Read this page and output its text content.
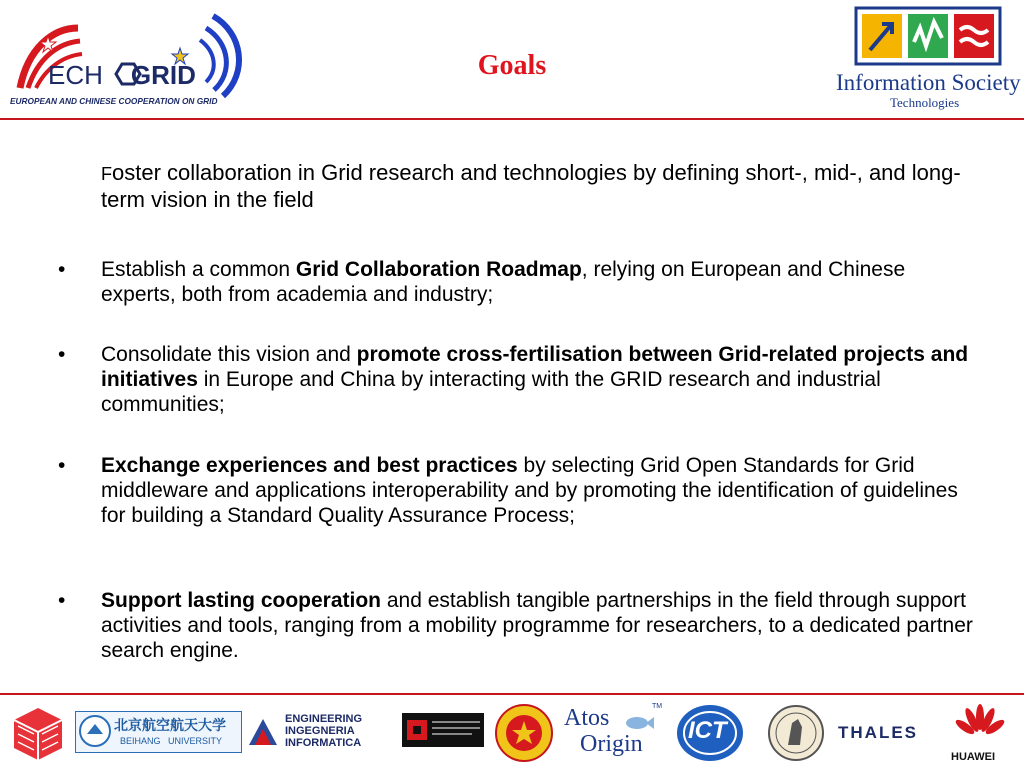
ECH GRID
EUROPEAN AND CHINESE COOPERATION ON GRID
Goals
Information Society
Technologies
Foster collaboration in Grid research and technologies by defining short-, mid-, and long-term vision in the field
• Establish a common Grid Collaboration Roadmap, relying on European and Chinese experts, both from academia and industry;
• Consolidate this vision and promote cross-fertilisation between Grid-related projects and initiatives in Europe and China by interacting with the GRID research and industrial communities;
• Exchange experiences and best practices by selecting Grid Open Standards for Grid middleware and applications interoperability and by promoting the identification of guidelines for building a Standard Quality Assurance Process;
• Support lasting cooperation and establish tangible partnerships in the field through support activities and tools, ranging from a mobility programme for researchers, to a dedicated partner search engine.
北京航空航天大学
BEIHANG   UNIVERSITY
ENGINEERING
INGEGNERIA
INFORMATICA
Atos
Origin
TM
ICT	THALES
HUAWEI
